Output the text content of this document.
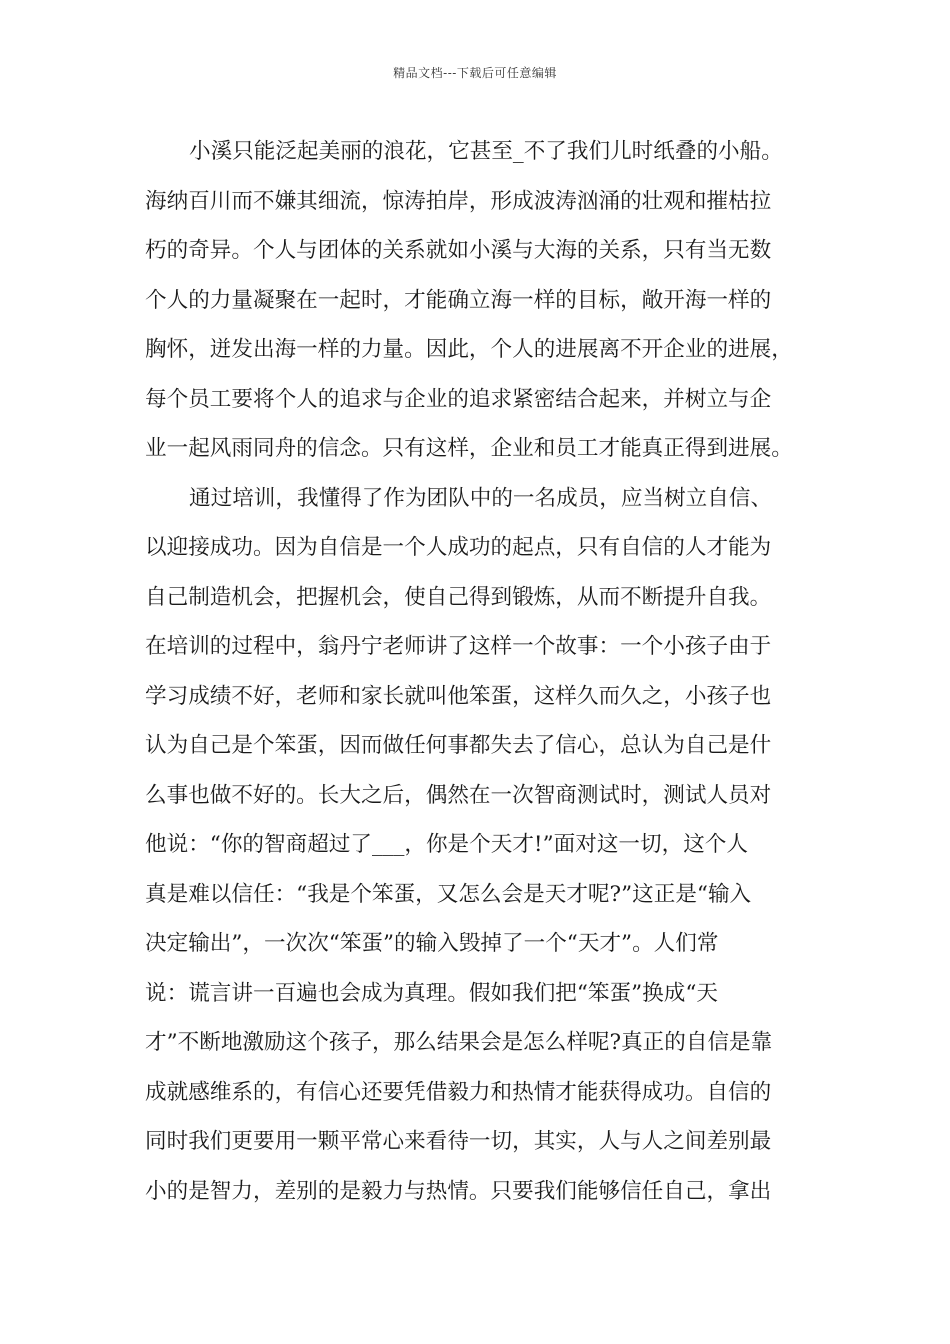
精品文档---下载后可任意编辑
小溪只能泛起美丽的浪花，它甚至_不了我们儿时纸叠的小船。
海纳百川而不嫌其细流，惊涛拍岸，形成波涛汹涌的壮观和摧枯拉
朽的奇异。个人与团体的关系就如小溪与大海的关系，只有当无数
个人的力量凝聚在一起时，才能确立海一样的目标，敞开海一样的
胸怀，迸发出海一样的力量。因此，个人的进展离不开企业的进展，
每个员工要将个人的追求与企业的追求紧密结合起来，并树立与企
业一起风雨同舟的信念。只有这样，企业和员工才能真正得到进展。
通过培训，我懂得了作为团队中的一名成员，应当树立自信、
以迎接成功。因为自信是一个人成功的起点，只有自信的人才能为
自己制造机会，把握机会，使自己得到锻炼，从而不断提升自我。
在培训的过程中，翁丹宁老师讲了这样一个故事：一个小孩子由于
学习成绩不好，老师和家长就叫他笨蛋，这样久而久之，小孩子也
认为自己是个笨蛋，因而做任何事都失去了信心，总认为自己是什
么事也做不好的。长大之后，偶然在一次智商测试时，测试人员对
他说：“你的智商超过了___，你是个天才!”面对这一切，这个人
真是难以信任：“我是个笨蛋，又怎么会是天才呢?”这正是“输入
决定输出”，一次次“笨蛋”的输入毁掉了一个“天才”。人们常
说：谎言讲一百遍也会成为真理。假如我们把“笨蛋”换成“天
才”不断地激励这个孩子，那么结果会是怎么样呢?真正的自信是靠
成就感维系的，有信心还要凭借毅力和热情才能获得成功。自信的
同时我们更要用一颗平常心来看待一切，其实，人与人之间差别最
小的是智力，差别的是毅力与热情。只要我们能够信任自己，拿出
